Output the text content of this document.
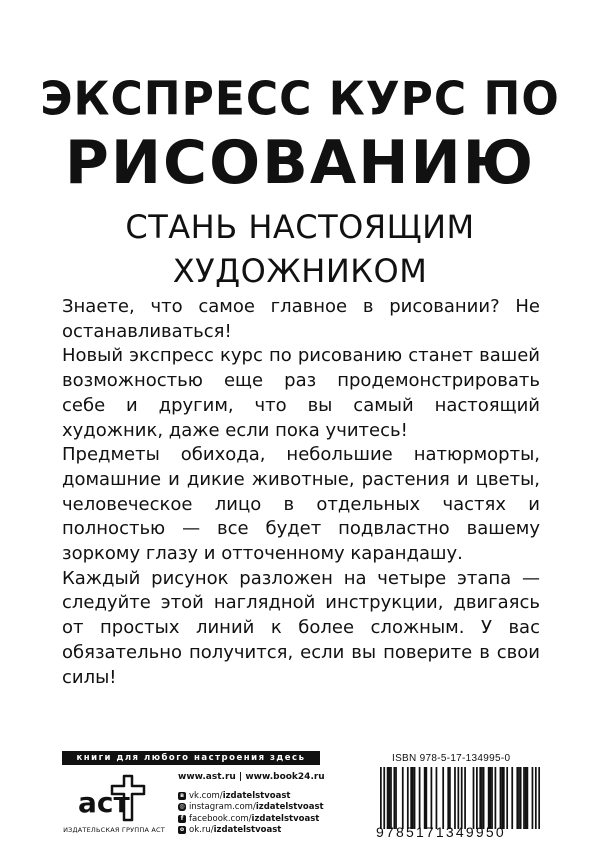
ЭКСПРЕСС КУРС ПО
РИСОВАНИЮ
СТАНЬ НАСТОЯЩИМ
ХУДОЖНИКОМ

Знаете, что самое главное в рисовании? Не останавливаться!

Новый экспресс курс по рисованию станет вашей возможностью еще раз продемонстрировать себе и другим, что вы самый настоящий художник, даже если пока учитесь!

Предметы обихода, небольшие натюрморты, домашние и дикие животные, растения и цветы, человеческое лицо в отдельных частях и полностью — все будет подвластно вашему зоркому глазу и отточенному карандашу.

Каждый рисунок разложен на четыре этапа — следуйте этой наглядной инструкции, двигаясь от простых линий к более сложным. У вас обязательно получится, если вы поверите в свои силы!

книги для любого настроения здесь
аст
ИЗДАТЕЛЬСКАЯ ГРУППА АСТ
www.ast.ru | www.book24.ru
в vk.com/ izdatelstvoast
◎ instagram.com/ izdatelstvoast
f facebook.com/ izdatelstvoast
о ok.ru/ izdatelstvoast
ISBN 978-5-17-134995-0
9785171349950
